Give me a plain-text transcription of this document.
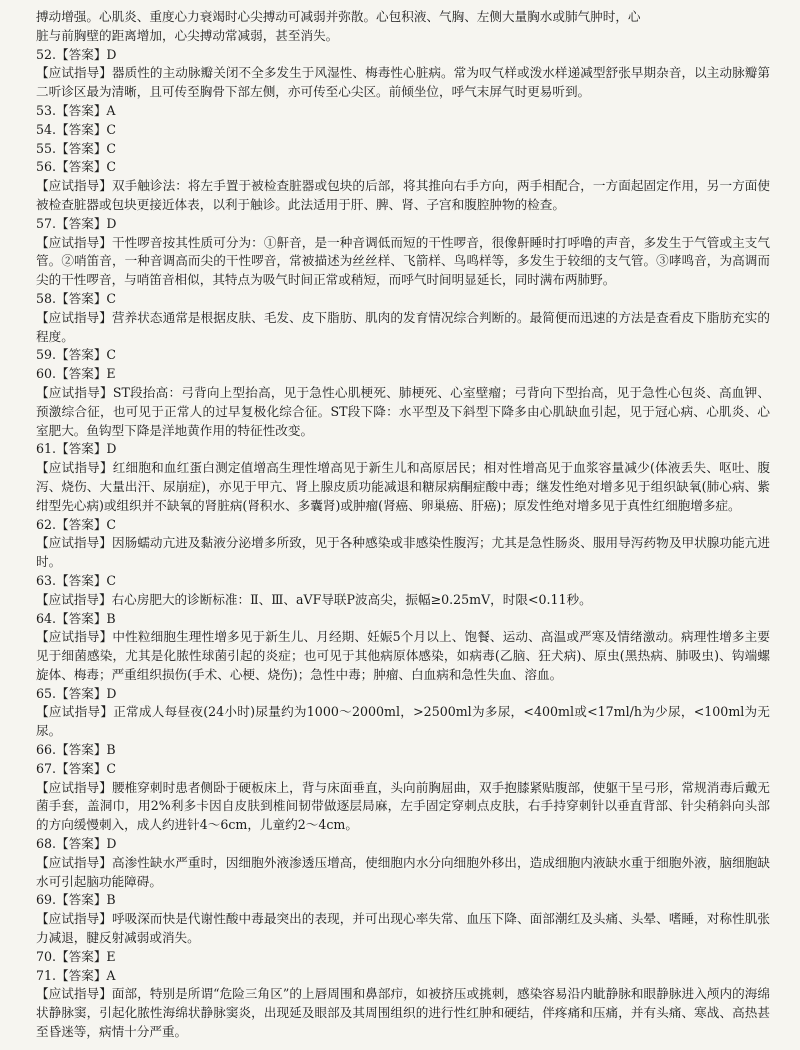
搏动增强。心肌炎、重度心力衰竭时心尖搏动可减弱并弥散。心包积液、气胸、左侧大量胸水或肺气肿时，心
脏与前胸壁的距离增加，心尖搏动常减弱，甚至消失。
52.【答案】D
【应试指导】器质性的主动脉瓣关闭不全多发生于风湿性、梅毒性心脏病。常为叹气样或泼水样递减型舒张早期杂音，以主动脉瓣第二听诊区最为清晰，且可传至胸骨下部左侧，亦可传至心尖区。前倾坐位，呼气末屏气时更易听到。
53.【答案】A
54.【答案】C
55.【答案】C
56.【答案】C
【应试指导】双手触诊法：将左手置于被检查脏器或包块的后部，将其推向右手方向，两手相配合，一方面起固定作用，另一方面使被检查脏器或包块更接近体表，以利于触诊。此法适用于肝、脾、肾、子宫和腹腔肿物的检查。
57.【答案】D
【应试指导】干性啰音按其性质可分为：①鼾音，是一种音调低而短的干性啰音，很像鼾睡时打呼噜的声音，多发生于气管或主支气管。②哨笛音，一种音调高而尖的干性啰音，常被描述为丝丝样、飞箭样、鸟鸣样等，多发生于较细的支气管。③哮鸣音，为高调而尖的干性啰音，与哨笛音相似，其特点为吸气时间正常或稍短，而呼气时间明显延长，同时满布两肺野。
58.【答案】C
【应试指导】营养状态通常是根据皮肤、毛发、皮下脂肪、肌肉的发育情况综合判断的。最简便而迅速的方法是查看皮下脂肪充实的程度。
59.【答案】C
60.【答案】E
【应试指导】ST段抬高：弓背向上型抬高，见于急性心肌梗死、肺梗死、心室壁瘤；弓背向下型抬高，见于急性心包炎、高血钾、预激综合征，也可见于正常人的过早复极化综合征。ST段下降：水平型及下斜型下降多由心肌缺血引起，见于冠心病、心肌炎、心室肥大。鱼钩型下降是洋地黄作用的特征性改变。
61.【答案】D
【应试指导】红细胞和血红蛋白测定值增高生理性增高见于新生儿和高原居民；相对性增高见于血浆容量减少(体液丢失、呕吐、腹泻、烧伤、大量出汗、尿崩症)，亦见于甲亢、肾上腺皮质功能减退和糖尿病酮症酸中毒；继发性绝对增多见于组织缺氧(肺心病、紫绀型先心病)或组织并不缺氧的肾脏病(肾积水、多囊肾)或肿瘤(肾癌、卵巢癌、肝癌)；原发性绝对增多见于真性红细胞增多症。
62.【答案】C
【应试指导】因肠蠕动亢进及黏液分泌增多所致，见于各种感染或非感染性腹泻；尤其是急性肠炎、服用导泻药物及甲状腺功能亢进时。
63.【答案】C
【应试指导】右心房肥大的诊断标准：Ⅱ、Ⅲ、aVF导联P波高尖，振幅≥0.25mV，时限<0.11秒。
64.【答案】B
【应试指导】中性粒细胞生理性增多见于新生儿、月经期、妊娠5个月以上、饱餐、运动、高温或严寒及情绪激动。病理性增多主要见于细菌感染，尤其是化脓性球菌引起的炎症；也可见于其他病原体感染，如病毒(乙脑、狂犬病)、原虫(黑热病、肺吸虫)、钩端螺旋体、梅毒；严重组织损伤(手术、心梗、烧伤)；急性中毒；肿瘤、白血病和急性失血、溶血。
65.【答案】D
【应试指导】正常成人每昼夜(24小时)尿量约为1000～2000ml，>2500ml为多尿，<400ml或<17ml/h为少尿，<100ml为无尿。
66.【答案】B
67.【答案】C
【应试指导】腰椎穿刺时患者侧卧于硬板床上，背与床面垂直，头向前胸屈曲，双手抱膝紧贴腹部，使躯干呈弓形，常规消毒后戴无菌手套，盖洞巾，用2%利多卡因自皮肤到椎间韧带做逐层局麻，左手固定穿刺点皮肤，右手持穿刺针以垂直背部、针尖稍斜向头部的方向缓慢刺入，成人约进针4～6cm，儿童约2～4cm。
68.【答案】D
【应试指导】高渗性缺水严重时，因细胞外液渗透压增高，使细胞内水分向细胞外移出，造成细胞内液缺水重于细胞外液，脑细胞缺水可引起脑功能障碍。
69.【答案】B
【应试指导】呼吸深而快是代谢性酸中毒最突出的表现，并可出现心率失常、血压下降、面部潮红及头痛、头晕、嗜睡，对称性肌张力减退，腱反射减弱或消失。
70.【答案】E
71.【答案】A
【应试指导】面部，特别是所谓“危险三角区”的上唇周围和鼻部疖，如被挤压或挑刺，感染容易沿内眦静脉和眼静脉进入颅内的海绵状静脉窦，引起化脓性海绵状静脉窦炎，出现延及眼部及其周围组织的进行性红肿和硬结，伴疼痛和压痛，并有头痛、寒战、高热甚至昏迷等，病情十分严重。
